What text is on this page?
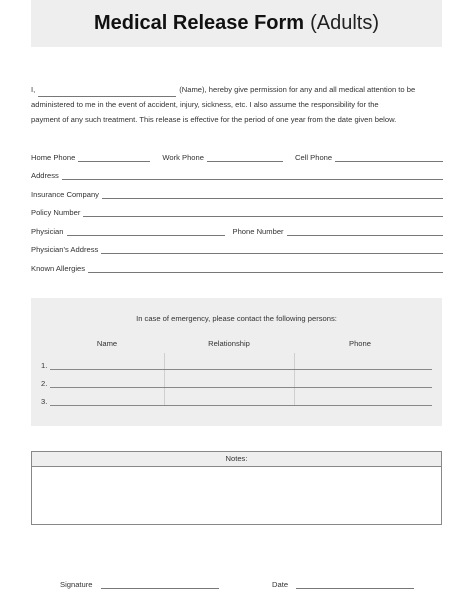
Medical Release Form (Adults)
I,	(Name), hereby give permission for any and all medical attention to be
administered to me in the event of accident, injury, sickness, etc. I also assume the responsibility for the
payment of any such treatment. This release is effective for the period of one year from the date given below.
Home Phone	Work Phone	Cell Phone
Address
Insurance Company
Policy Number
Physician	Phone Number
Physician's Address
Known Allergies
In case of emergency, please contact the following persons:
Name	Relationship	Phone
1.
2.
3.
Notes:
Signature	Date
